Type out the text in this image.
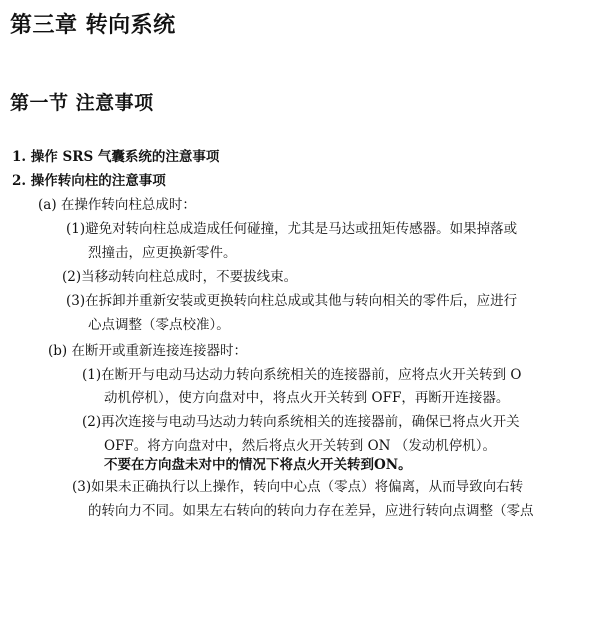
第三章 转向系统
第一节 注意事项
1. 操作 SRS 气囊系统的注意事项
2. 操作转向柱的注意事项
(a) 在操作转向柱总成时：
(1)避免对转向柱总成造成任何碰撞，尤其是马达或扭矩传感器。如果掉落或
烈撞击，应更换新零件。
(2)当移动转向柱总成时，不要拔线束。
(3)在拆卸并重新安装或更换转向柱总成或其他与转向相关的零件后，应进行
心点调整（零点校准）。
(b) 在断开或重新连接连接器时：
(1)在断开与电动马达动力转向系统相关的连接器前，应将点火开关转到 O
动机停机），使方向盘对中，将点火开关转到 OFF，再断开连接器。
(2)再次连接与电动马达动力转向系统相关的连接器前，确保已将点火开关
OFF。将方向盘对中，然后将点火开关转到 ON （发动机停机）。
不要在方向盘未对中的情况下将点火开关转到ON。
(3)如果未正确执行以上操作，转向中心点（零点）将偏离，从而导致向右转
的转向力不同。如果左右转向的转向力存在差异，应进行转向点调整（零点
